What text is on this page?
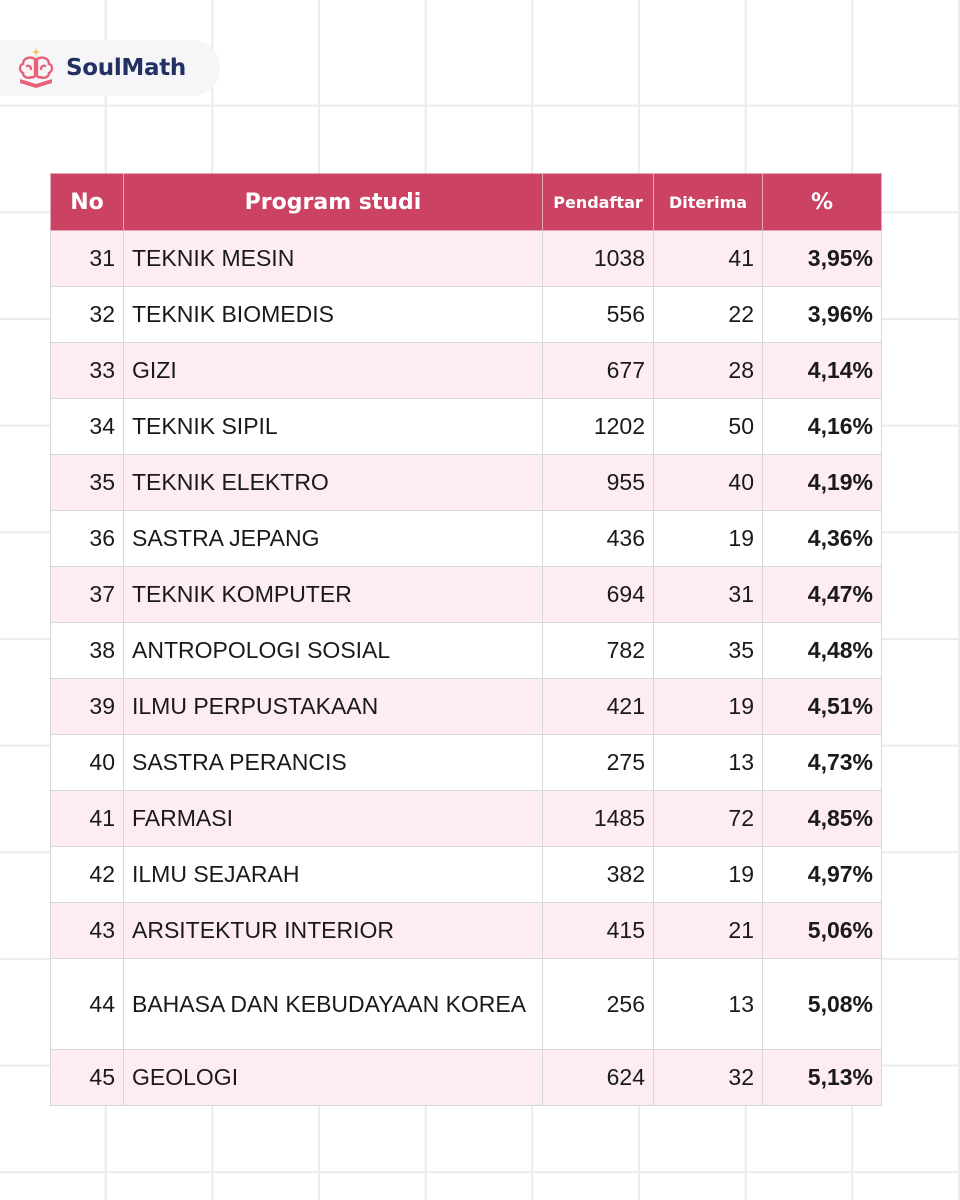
SoulMath
No	Program studi	Pendaftar	Diterima	%
31	TEKNIK MESIN	1038	41	3,95%
32	TEKNIK BIOMEDIS	556	22	3,96%
33	GIZI	677	28	4,14%
34	TEKNIK SIPIL	1202	50	4,16%
35	TEKNIK ELEKTRO	955	40	4,19%
36	SASTRA JEPANG	436	19	4,36%
37	TEKNIK KOMPUTER	694	31	4,47%
38	ANTROPOLOGI SOSIAL	782	35	4,48%
39	ILMU PERPUSTAKAAN	421	19	4,51%
40	SASTRA PERANCIS	275	13	4,73%
41	FARMASI	1485	72	4,85%
42	ILMU SEJARAH	382	19	4,97%
43	ARSITEKTUR INTERIOR	415	21	5,06%
44	BAHASA DAN KEBUDAYAAN KOREA	256	13	5,08%
45	GEOLOGI	624	32	5,13%
